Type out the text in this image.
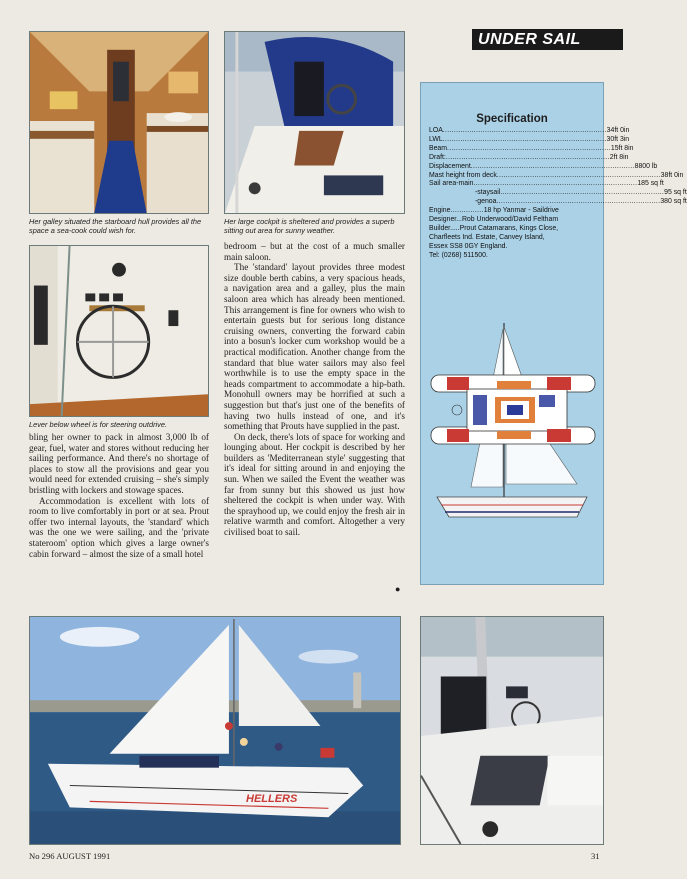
Her galley situated the starboard hull provides all the space a sea-cook could wish for.
Her large cockpit is sheltered and provides a superb sitting out area for sunny weather.
Lever below wheel is for steering outdrive.

bling her owner to pack in almost 3,000 lb of gear, fuel, water and stores without reducing her sailing performance. And there's no shortage of places to stow all the provisions and gear you would need for extended cruising – she's simply bristling with lockers and stowage spaces.

Accommodation is excellent with lots of room to live comfortably in port or at sea. Prout offer two internal layouts, the 'standard' which was the one we were sailing, and the 'private stateroom' option which gives a large owner's cabin forward – almost the size of a small hotel

bedroom – but at the cost of a much smaller main saloon.

The 'standard' layout provides three modest size double berth cabins, a very spacious heads, a navigation area and a galley, plus the main saloon area which has already been mentioned. This arrangement is fine for owners who wish to entertain guests but for serious long distance cruising owners, converting the forward cabin into a bosun's locker cum workshop would be a practical modification. Another change from the standard that blue water sailors may also feel worthwhile is to use the empty space in the heads compartment to accommodate a hip-bath. Monohull owners may be horrified at such a suggestion but that's just one of the benefits of having two hulls instead of one, and it's something that Prouts have supplied in the past.

On deck, there's lots of space for working and lounging about. Her cockpit is described by her builders as 'Mediterranean style' suggesting that it's ideal for sitting around in and enjoying the sun. When we sailed the Event the weather was far from sunny but this showed us just how sheltered the cockpit is when under way. With the sprayhood up, we could enjoy the fresh air in relative warmth and comfort. Altogether a very civilised boat to sail.

●
UNDER SAIL
Specification
LOA .......................................................................... 34ft 0in
LWL .......................................................................... 30ft 3in
Beam .......................................................................... 15ft 8in
Draft: .......................................................................... 2ft 8in
Displacement .......................................................................... 8800 lb
Mast height from deck .......................................................................... 38ft 0in
Sail area-main .......................................................................... 185 sq ft
-staysail .......................................................................... 95 sq ft
-genoa .......................................................................... 380 sq ft
Engine ............... 18 hp Yanmar - Saildrive
Designer...Rob Underwood/David Feltham
Builder.....Prout Catamarans, Kings Close,
Charfleets Ind. Estate, Canvey Island,
Essex SS8 0GY England.
Tel: (0268) 511500.
HELLERS
No 296 AUGUST 1991	31
